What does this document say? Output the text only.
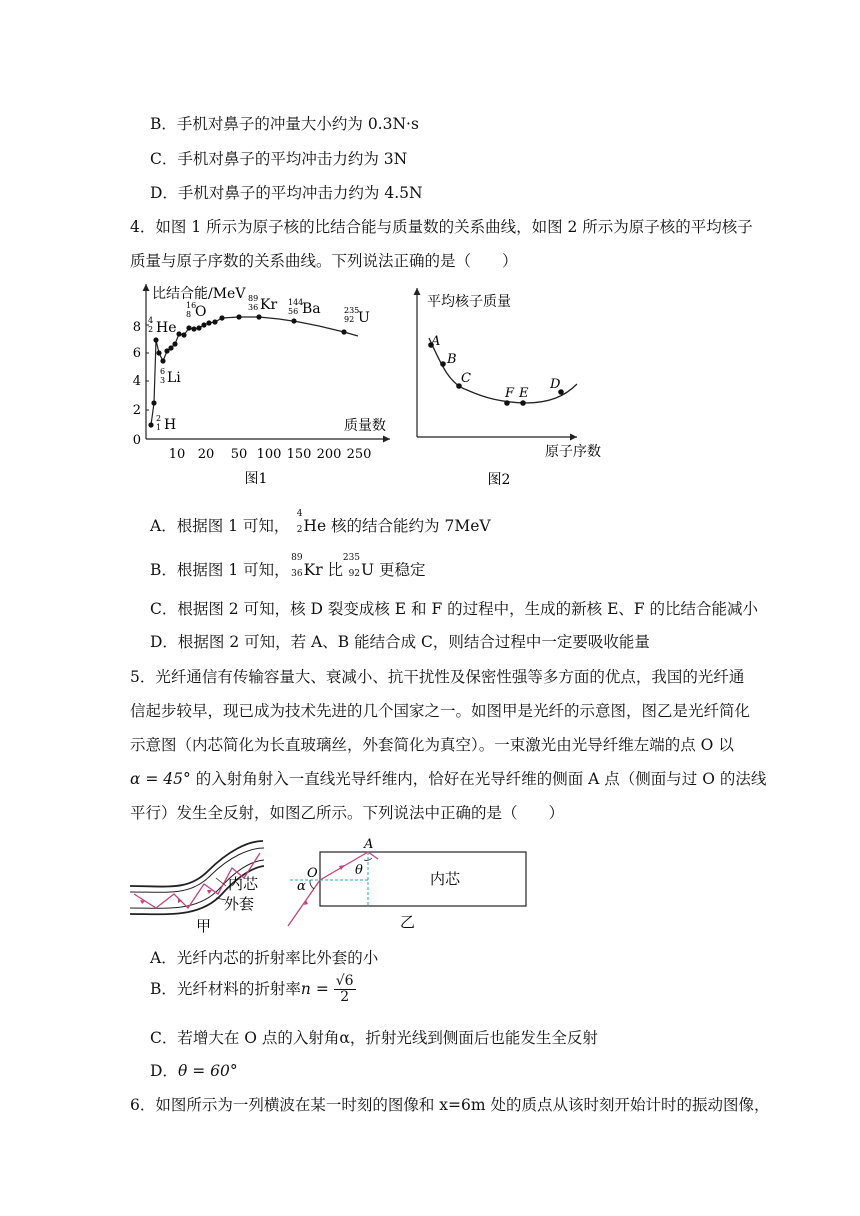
B．手机对鼻子的冲量大小约为 0.3N·s
C．手机对鼻子的平均冲击力约为 3N
D．手机对鼻子的平均冲击力约为 4.5N
4．如图 1 所示为原子核的比结合能与质量数的关系曲线，如图 2 所示为原子核的平均核子
质量与原子序数的关系曲线。下列说法正确的是（　　）
比结合能/MeV
质量数
0
2
4
6
8
10 20 50 100 150 200 250
2
1
6
3
4
2
16
8
89
36
144
56	235
92
H
Li
He
O	Kr Ba
U
图1
平均核子质量
原子序数
A
B
C
F E
D
图2
A．根据图 1 可知，
4
2 He 核的结合能约为 7MeV
B．根据图 1 可知，
89
36 Kr 比
235
92 U 更稳定
C．根据图 2 可知，核 D 裂变成核 E 和 F 的过程中，生成的新核 E、F 的比结合能减小
D．根据图 2 可知，若 A、B 能结合成 C，则结合过程中一定要吸收能量
5．光纤通信有传输容量大、衰减小、抗干扰性及保密性强等多方面的优点，我国的光纤通
信起步较早，现已成为技术先进的几个国家之一。如图甲是光纤的示意图，图乙是光纤简化
示意图（内芯简化为长直玻璃丝，外套简化为真空）。一束激光由光导纤维左端的点 O 以
α = 45° 的入射角射入一直线光导纤维内，恰好在光导纤维的侧面 A 点（侧面与过 O 的法线
平行）发生全反射，如图乙所示。下列说法中正确的是（　　）
内芯
外套
甲
A
O	θ
α	内芯
乙
A．光纤内芯的折射率比外套的小
B．光纤材料的折射率$n = \frac{√6}{2}$
C．若增大在 O 点的入射角α，折射光线到侧面后也能发生全反射
D．θ = 60°
6．如图所示为一列横波在某一时刻的图像和 x=6m 处的质点从该时刻开始计时的振动图像，
